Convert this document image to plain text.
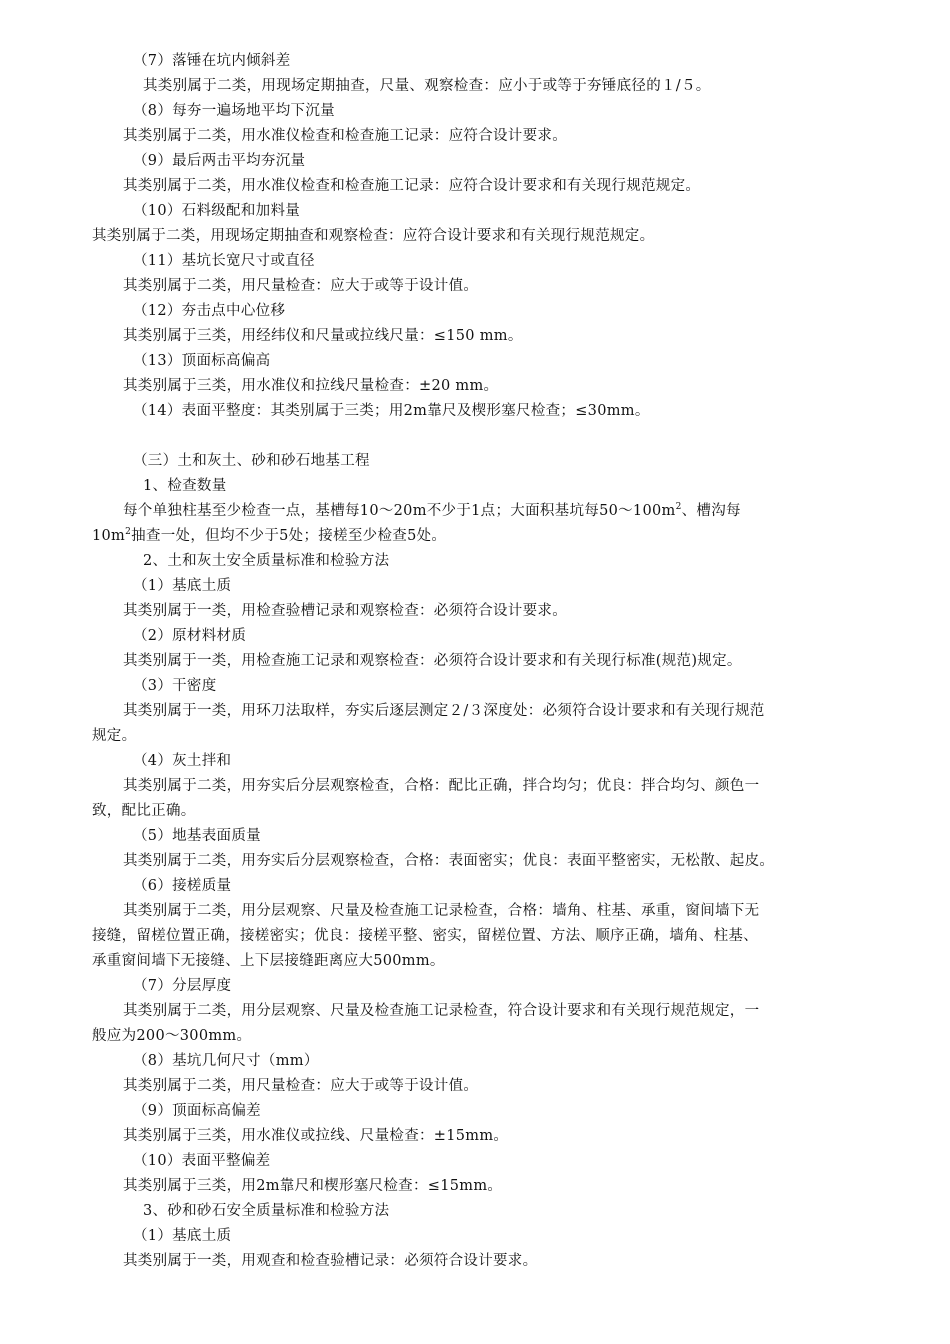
（7）落锤在坑内倾斜差
其类别属于二类，用现场定期抽查，尺量、观察检查：应小于或等于夯锤底径的１/５。
（8）每夯一遍场地平均下沉量
其类别属于二类，用水准仪检查和检查施工记录：应符合设计要求。
（9）最后两击平均夯沉量
其类别属于二类，用水准仪检查和检查施工记录：应符合设计要求和有关现行规范规定。
（10）石料级配和加料量
其类别属于二类，用现场定期抽查和观察检查：应符合设计要求和有关现行规范规定。
（11）基坑长宽尺寸或直径
其类别属于二类，用尺量检查：应大于或等于设计值。
（12）夯击点中心位移
其类别属于三类，用经纬仪和尺量或拉线尺量：≤150 mm。
（13）顶面标高偏高
其类别属于三类，用水准仪和拉线尺量检查：±20 mm。
（14）表面平整度：其类别属于三类；用2m靠尺及楔形塞尺检查；≤30mm。
（三）土和灰土、砂和砂石地基工程
1、检查数量
每个单独柱基至少检查一点，基槽每10～20m不少于1点；大面积基坑每$50\sim 100m^2$、槽沟每
$10m^2$抽查一处，但均不少于5处；接槎至少检查5处。
2、土和灰土安全质量标准和检验方法
（1）基底土质
其类别属于一类，用检查验槽记录和观察检查：必须符合设计要求。
（2）原材料材质
其类别属于一类，用检查施工记录和观察检查：必须符合设计要求和有关现行标准(规范)规定。
（3）干密度
其类别属于一类，用环刀法取样，夯实后逐层测定２/３深度处：必须符合设计要求和有关现行规范
规定。
（4）灰土拌和
其类别属于二类，用夯实后分层观察检查，合格：配比正确，拌合均匀；优良：拌合均匀、颜色一
致，配比正确。
（5）地基表面质量
其类别属于二类，用夯实后分层观察检查，合格：表面密实；优良：表面平整密实，无松散、起皮。
（6）接槎质量
其类别属于二类，用分层观察、尺量及检查施工记录检查，合格：墙角、柱基、承重，窗间墙下无
接缝，留槎位置正确，接槎密实；优良：接槎平整、密实，留槎位置、方法、顺序正确，墙角、柱基、
承重窗间墙下无接缝、上下层接缝距离应大500mm。
（7）分层厚度
其类别属于二类，用分层观察、尺量及检查施工记录检查，符合设计要求和有关现行规范规定，一
般应为200～300mm。
（8）基坑几何尺寸（mm）
其类别属于二类，用尺量检查：应大于或等于设计值。
（9）顶面标高偏差
其类别属于三类，用水准仪或拉线、尺量检查：±15mm。
（10）表面平整偏差
其类别属于三类，用2m靠尺和楔形塞尺检查：≤15mm。
3、砂和砂石安全质量标准和检验方法
（1）基底土质
其类别属于一类，用观查和检查验槽记录：必须符合设计要求。
